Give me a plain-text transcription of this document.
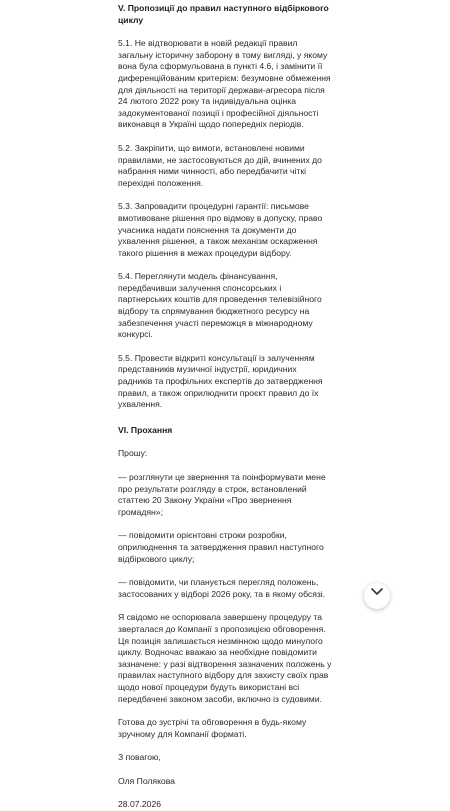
V. Пропозиції до правил наступного відбіркового циклу

5.1. Не відтворювати в новій редакції правил загальну історичну заборону в тому вигляді, у якому вона була сформульована в пункті 4.6, і замінити її диференційованим критерієм: безумовне обмеження для діяльності на території держави-агресора після 24 лютого 2022 року та індивідуальна оцінка задокументованої позиції і професійної діяльності виконавця в Україні щодо попередніх періодів.

5.2. Закріпити, що вимоги, встановлені новими правилами, не застосовуються до дій, вчинених до набрання ними чинності, або передбачити чіткі перехідні положення.

5.3. Запровадити процедурні гарантії: письмове вмотивоване рішення про відмову в допуску, право учасника надати пояснення та документи до ухвалення рішення, а також механізм оскарження такого рішення в межах процедури відбору.

5.4. Переглянути модель фінансування, передбачивши залучення спонсорських і партнерських коштів для проведення телевізійного відбору та спрямування бюджетного ресурсу на забезпечення участі переможця в міжнародному конкурсі.

5.5. Провести відкриті консультації із залученням представників музичної індустрії, юридичних радників та профільних експертів до затвердження правил, а також оприлюднити проєкт правил до їх ухвалення.

VI. Прохання

Прошу:

— розглянути це звернення та поінформувати мене про результати розгляду в строк, встановлений статтею 20 Закону України «Про звернення громадян»;

— повідомити орієнтовні строки розробки, оприлюднення та затвердження правил наступного відбіркового циклу;

— повідомити, чи планується перегляд положень, застосованих у відборі 2026 року, та в якому обсязі.

Я свідомо не оспорювала завершену процедуру та зверталася до Компанії з пропозицією обговорення. Ця позиція залишається незмінною щодо минулого циклу. Водночас вважаю за необхідне повідомити зазначене: у разі відтворення зазначених положень у правилах наступного відбору для захисту своїх прав щодо нової процедури будуть використані всі передбачені законом засоби, включно із судовими.

Готова до зустрічі та обговорення в будь-якому зручному для Компанії форматі.

З повагою,

Оля Полякова

28.07.2026
